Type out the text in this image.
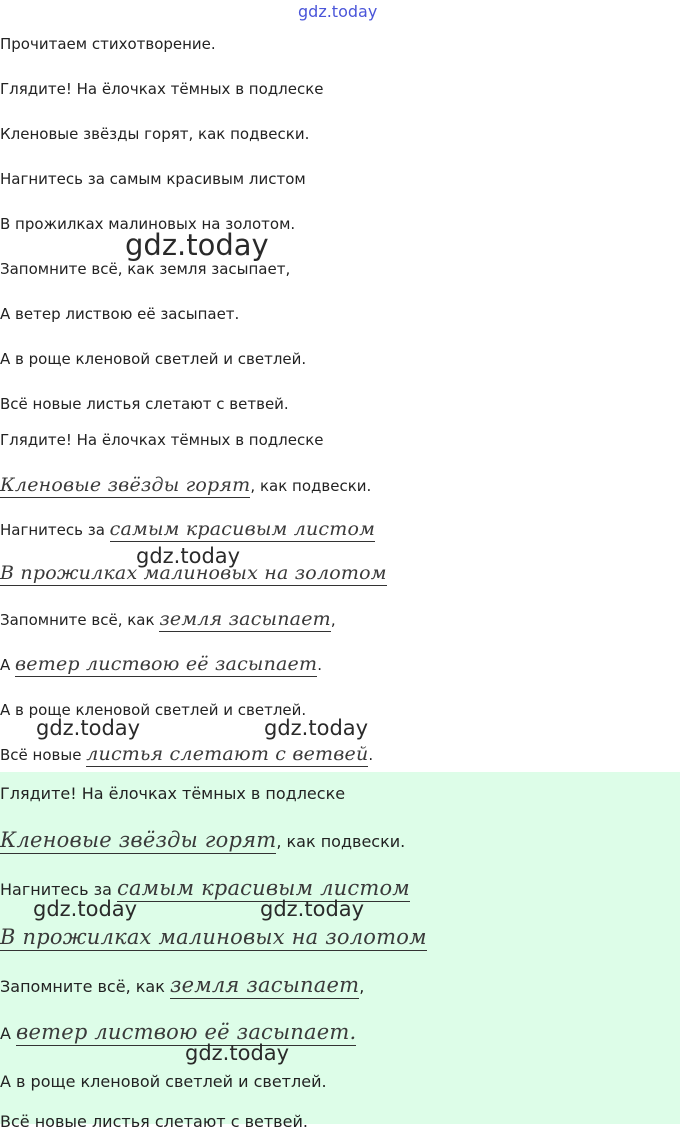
gdz.today
Прочитаем стихотворение.
Глядите! На ёлочках тёмных в подлеске
Кленовые звёзды горят, как подвески.
Нагнитесь за самым красивым листом
В прожилках малиновых на золотом.
Запомните всё, как земля засыпает,
А ветер листвою её засыпает.
А в роще кленовой светлей и светлей.
Всё новые листья слетают с ветвей.
gdz.today
Глядите! На ёлочках тёмных в подлеске
Кленовые звёзды горят, как подвески.
Нагнитесь за самым красивым листом
В прожилках малиновых на золотом
Запомните всё, как земля засыпает,
А ветер листвою её засыпает.
А в роще кленовой светлей и светлей.
Всё новые листья слетают с ветвей.
gdz.today
gdz.today	gdz.today
Глядите! На ёлочках тёмных в подлеске
Кленовые звёзды горят, как подвески.
Нагнитесь за самым красивым листом
В прожилках малиновых на золотом
Запомните всё, как земля засыпает,
А ветер листвою её засыпает.
А в роще кленовой светлей и светлей.
Всё новые листья слетают с ветвей.
gdz.today	gdz.today
gdz.today
